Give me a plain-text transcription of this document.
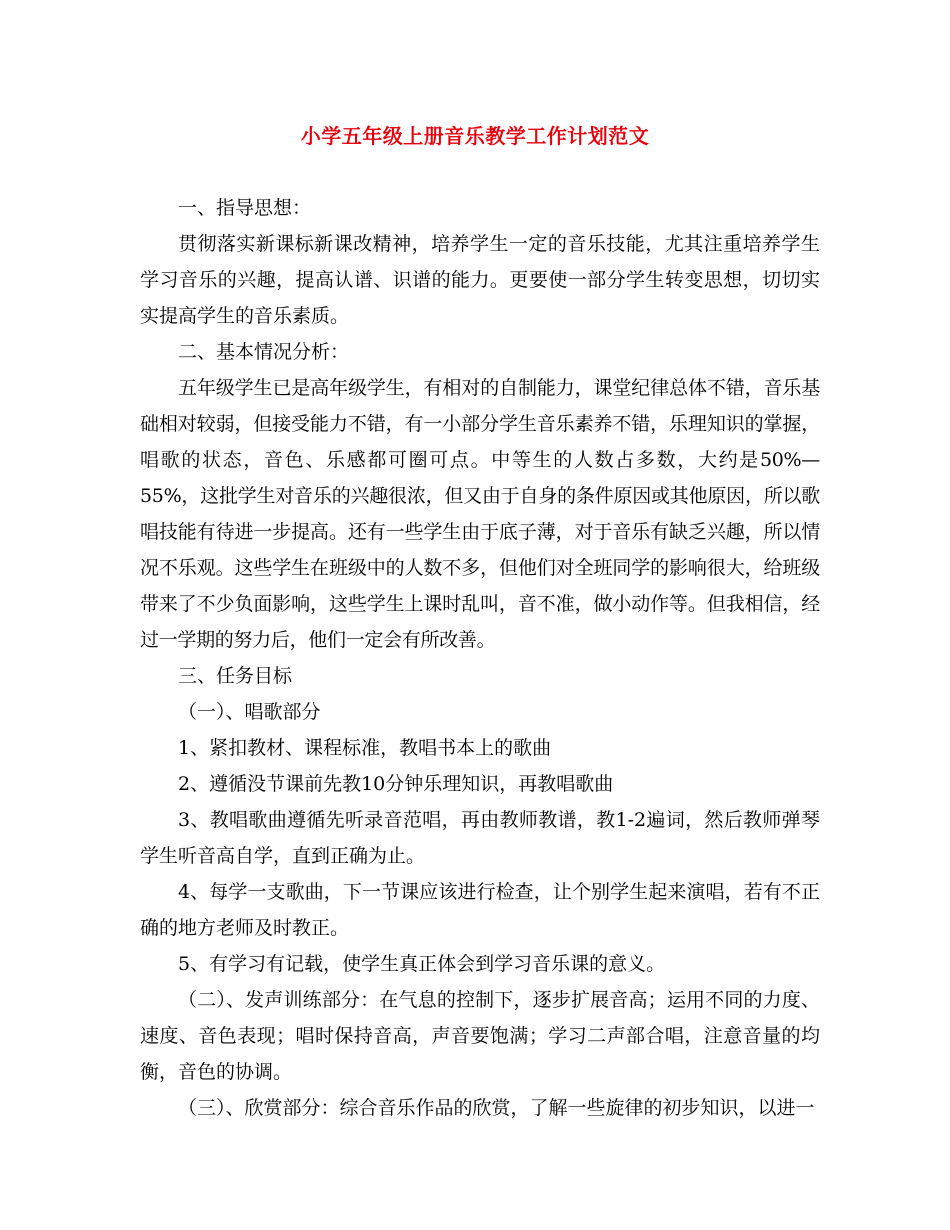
小学五年级上册音乐教学工作计划范文

一、指导思想：

贯彻落实新课标新课改精神，培养学生一定的音乐技能，尤其注重培养学生学习音乐的兴趣，提高认谱、识谱的能力。更要使一部分学生转变思想，切切实实提高学生的音乐素质。

二、基本情况分析：

五年级学生已是高年级学生，有相对的自制能力，课堂纪律总体不错，音乐基础相对较弱，但接受能力不错，有一小部分学生音乐素养不错，乐理知识的掌握，唱歌的状态，音色、乐感都可圈可点。中等生的人数占多数，大约是50%—55%，这批学生对音乐的兴趣很浓，但又由于自身的条件原因或其他原因，所以歌唱技能有待进一步提高。还有一些学生由于底子薄，对于音乐有缺乏兴趣，所以情况不乐观。这些学生在班级中的人数不多，但他们对全班同学的影响很大，给班级带来了不少负面影响，这些学生上课时乱叫，音不准，做小动作等。但我相信，经过一学期的努力后，他们一定会有所改善。

三、任务目标

（一）、唱歌部分

1、紧扣教材、课程标准，教唱书本上的歌曲

2、遵循没节课前先教10分钟乐理知识，再教唱歌曲

3、教唱歌曲遵循先听录音范唱，再由教师教谱，教1-2遍词，然后教师弹琴学生听音高自学，直到正确为止。

4、每学一支歌曲，下一节课应该进行检查，让个别学生起来演唱，若有不正确的地方老师及时教正。

5、有学习有记载，使学生真正体会到学习音乐课的意义。

（二）、发声训练部分：在气息的控制下，逐步扩展音高；运用不同的力度、速度、音色表现；唱时保持音高，声音要饱满；学习二声部合唱，注意音量的均衡，音色的协调。

（三）、欣赏部分：综合音乐作品的欣赏，了解一些旋律的初步知识，以进一
